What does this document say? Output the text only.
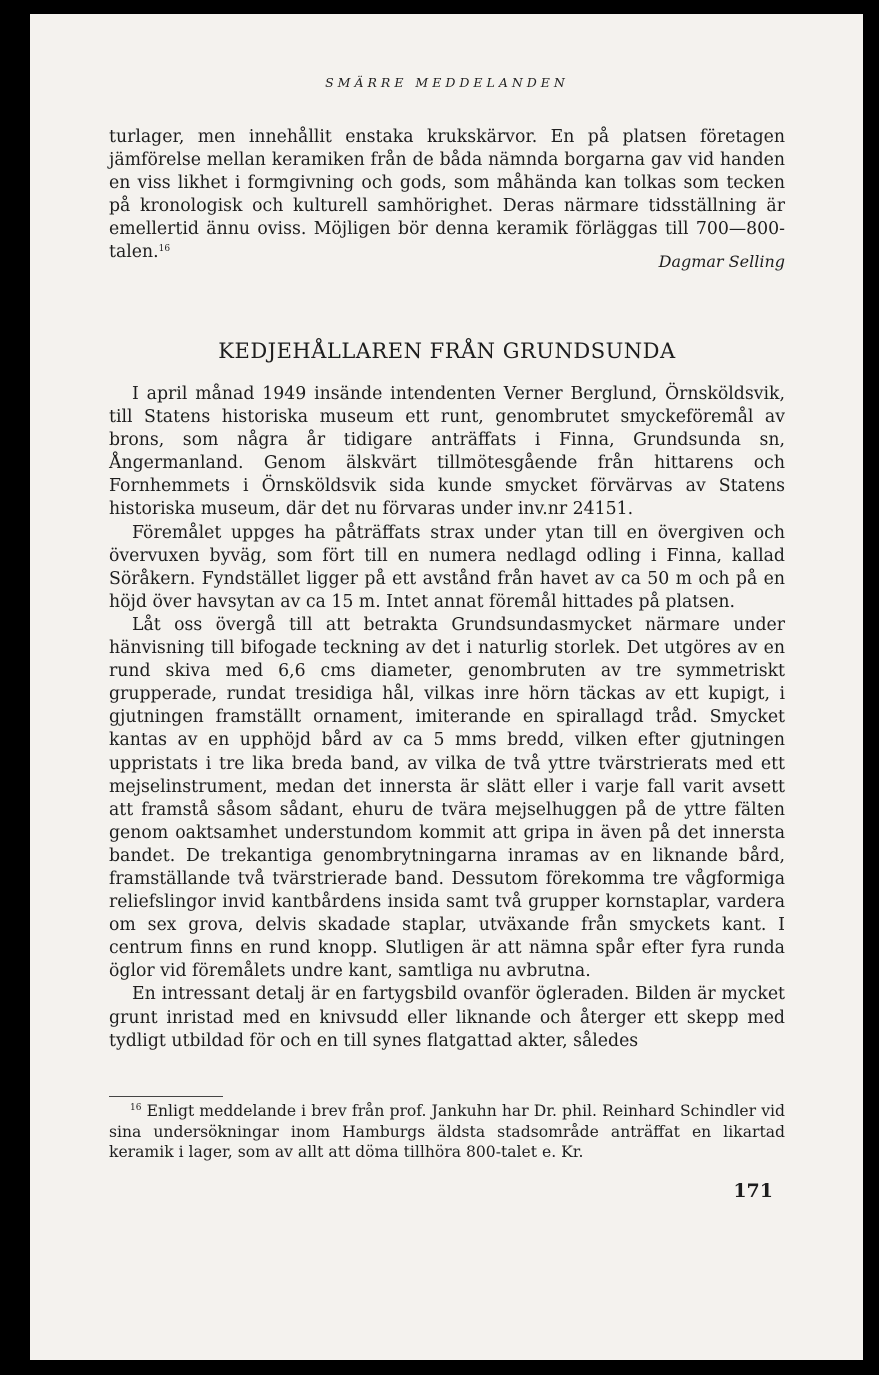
SMÄRRE MEDDELANDEN

turlager, men innehållit enstaka krukskärvor. En på platsen företagen jämförelse mellan keramiken från de båda nämnda borgarna gav vid handen en viss likhet i formgivning och gods, som måhända kan tolkas som tecken på kronologisk och kulturell samhörighet. Deras närmare tidsställning är emellertid ännu oviss. Möjligen bör denna keramik förläggas till 700—800-talen.$^{16}$

Dagmar Selling
KEDJEHÅLLAREN FRÅN GRUNDSUNDA

I april månad 1949 insände intendenten Verner Berglund, Örnsköldsvik, till Statens historiska museum ett runt, genombrutet smyckeföremål av brons, som några år tidigare anträffats i Finna, Grundsunda sn, Ångermanland. Genom älskvärt tillmötesgående från hittarens och Fornhemmets i Örnsköldsvik sida kunde smycket förvärvas av Statens historiska museum, där det nu förvaras under inv.nr 24151.

Föremålet uppges ha påträffats strax under ytan till en övergiven och övervuxen byväg, som fört till en numera nedlagd odling i Finna, kallad Söråkern. Fyndstället ligger på ett avstånd från havet av ca 50 m och på en höjd över havsytan av ca 15 m. Intet annat föremål hittades på platsen.

Låt oss övergå till att betrakta Grundsundasmycket närmare under hänvisning till bifogade teckning av det i naturlig storlek. Det utgöres av en rund skiva med 6,6 cms diameter, genombruten av tre symmetriskt grupperade, rundat tresidiga hål, vilkas inre hörn täckas av ett kupigt, i gjutningen framställt ornament, imiterande en spirallagd tråd. Smycket kantas av en upphöjd bård av ca 5 mms bredd, vilken efter gjutningen uppristats i tre lika breda band, av vilka de två yttre tvärstrierats med ett mejselinstrument, medan det innersta är slätt eller i varje fall varit avsett att framstå såsom sådant, ehuru de tvära mejselhuggen på de yttre fälten genom oaktsamhet understundom kommit att gripa in även på det innersta bandet. De trekantiga genombrytningarna inramas av en liknande bård, framställande två tvärstrierade band. Dessutom förekomma tre vågformiga reliefslingor invid kantbårdens insida samt två grupper kornstaplar, vardera om sex grova, delvis skadade staplar, utväxande från smyckets kant. I centrum finns en rund knopp. Slutligen är att nämna spår efter fyra runda öglor vid föremålets undre kant, samtliga nu avbrutna.

En intressant detalj är en fartygsbild ovanför ögleraden. Bilden är mycket grunt inristad med en knivsudd eller liknande och återger ett skepp med tydligt utbildad för och en till synes flatgattad akter, således

$^{16}$ Enligt meddelande i brev från prof. Jankuhn har Dr. phil. Reinhard Schindler vid sina undersökningar inom Hamburgs äldsta stadsområde anträffat en likartad keramik i lager, som av allt att döma tillhöra 800-talet e. Kr.

171
